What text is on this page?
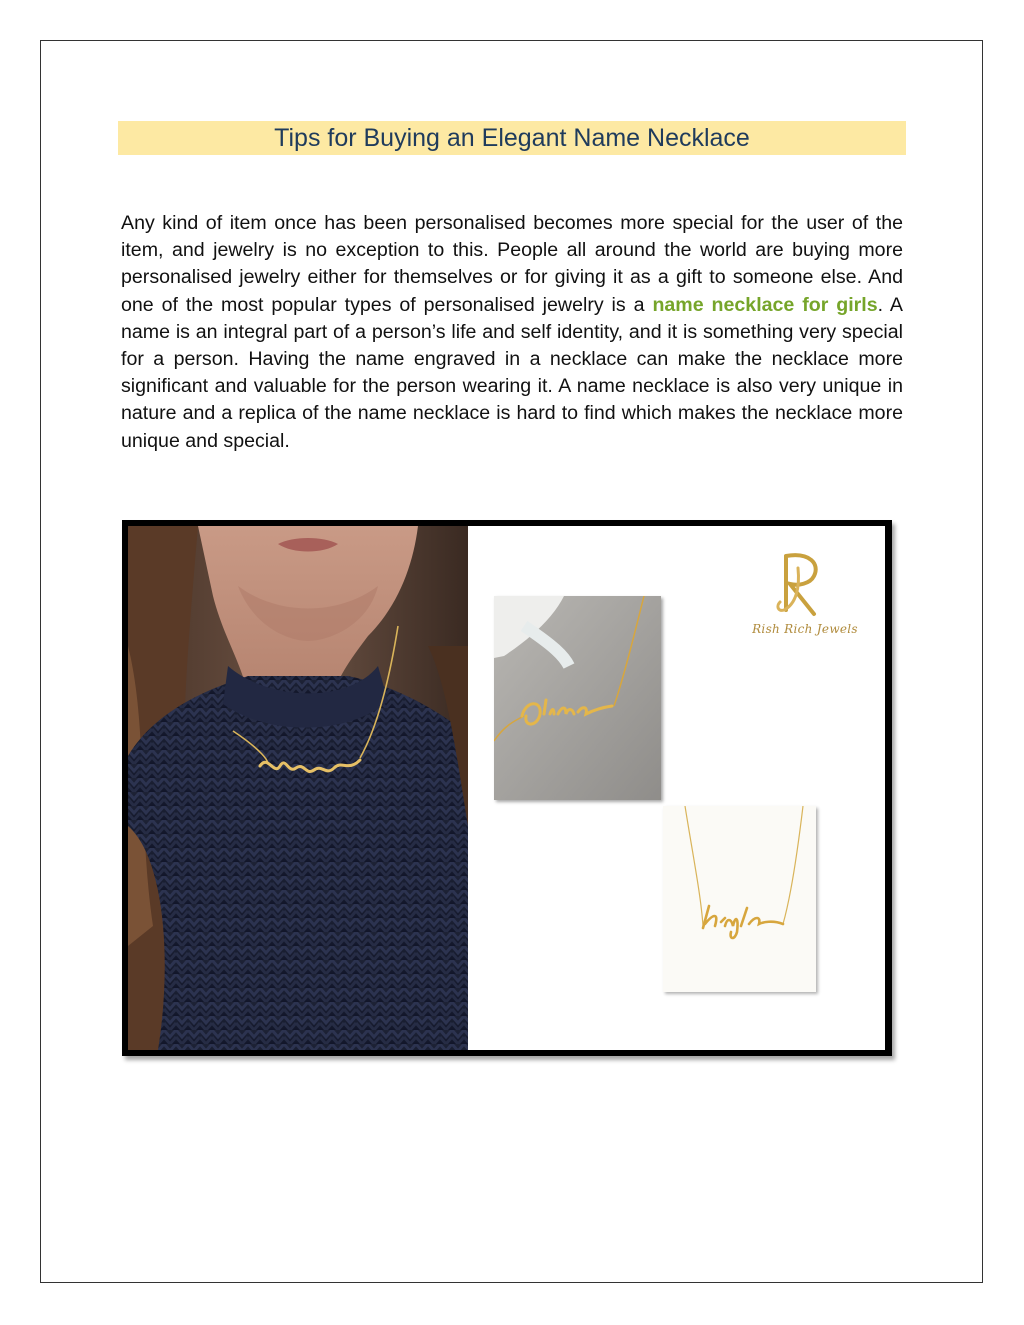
Tips for Buying an Elegant Name Necklace
Any kind of item once has been personalised becomes more special for the user of the item, and jewelry is no exception to this. People all around the world are buying more personalised jewelry either for themselves or for giving it as a gift to someone else. And one of the most popular types of personalised jewelry is a name necklace for girls. A name is an integral part of a person’s life and self identity, and it is something very special for a person. Having the name engraved in a necklace can make the necklace more significant and valuable for the person wearing it. A name necklace is also very unique in nature and a replica of the name necklace is hard to find which makes the necklace more unique and special.
Rish Rich Jewels
